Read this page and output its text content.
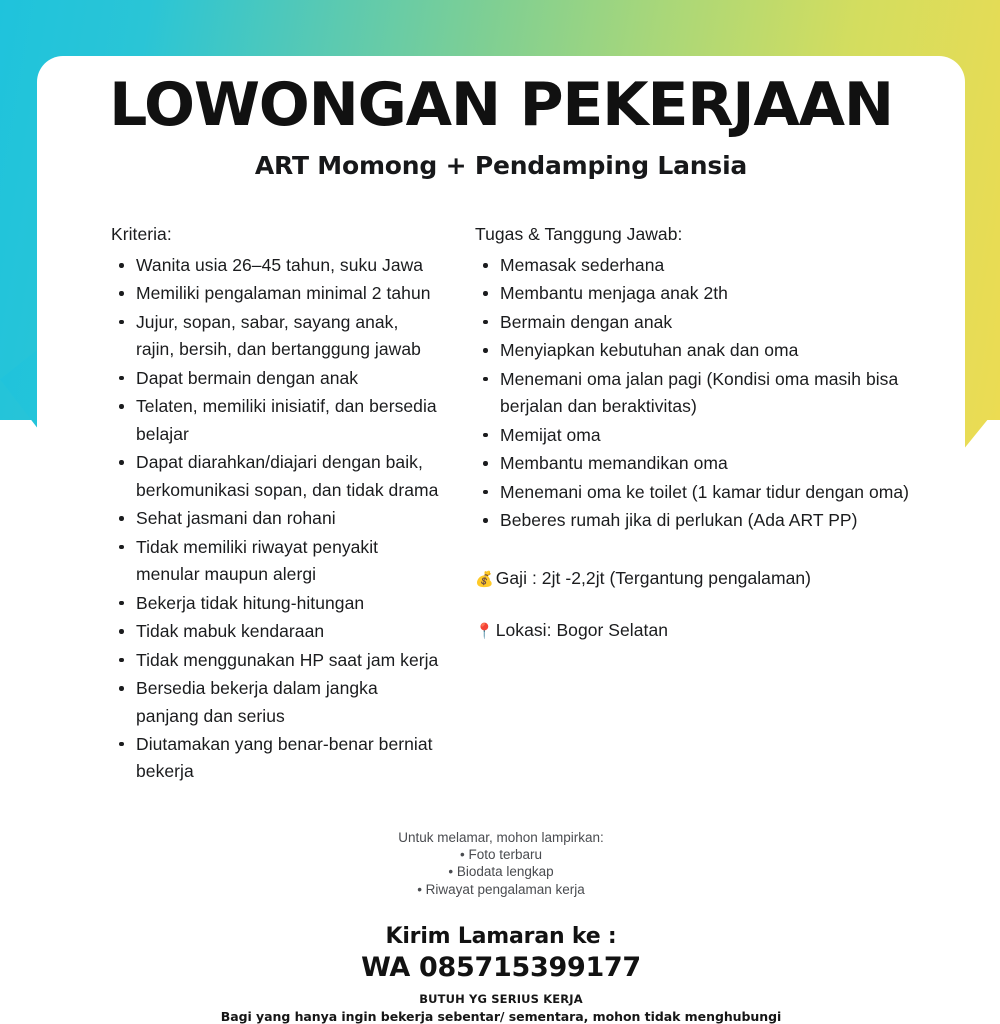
LOWONGAN PEKERJAAN

ART Momong + Pendamping Lansia

Kriteria:

Wanita usia 26–45 tahun, suku Jawa
Memiliki pengalaman minimal 2 tahun
Jujur, sopan, sabar, sayang anak, rajin, bersih, dan bertanggung jawab
Dapat bermain dengan anak
Telaten, memiliki inisiatif, dan bersedia belajar
Dapat diarahkan/diajari dengan baik, berkomunikasi sopan, dan tidak drama
Sehat jasmani dan rohani
Tidak memiliki riwayat penyakit menular maupun alergi
Bekerja tidak hitung-hitungan
Tidak mabuk kendaraan
Tidak menggunakan HP saat jam kerja
Bersedia bekerja dalam jangka panjang dan serius
Diutamakan yang benar-benar berniat bekerja

Tugas & Tanggung Jawab:

Memasak sederhana
Membantu menjaga anak 2th
Bermain dengan anak
Menyiapkan kebutuhan anak dan oma
Menemani oma jalan pagi (Kondisi oma masih bisa berjalan dan beraktivitas)
Memijat oma
Membantu memandikan oma
Menemani oma ke toilet (1 kamar tidur dengan oma)
Beberes rumah jika di perlukan (Ada ART PP)

💰 Gaji : 2jt -2,2jt (Tergantung pengalaman)

📍 Lokasi: Bogor Selatan

Untuk melamar, mohon lampirkan:

• Foto terbaru

• Biodata lengkap

• Riwayat pengalaman kerja

Kirim Lamaran ke :

WA 085715399177

BUTUH YG SERIUS KERJA

Bagi yang hanya ingin bekerja sebentar/ sementara, mohon tidak menghubungi
